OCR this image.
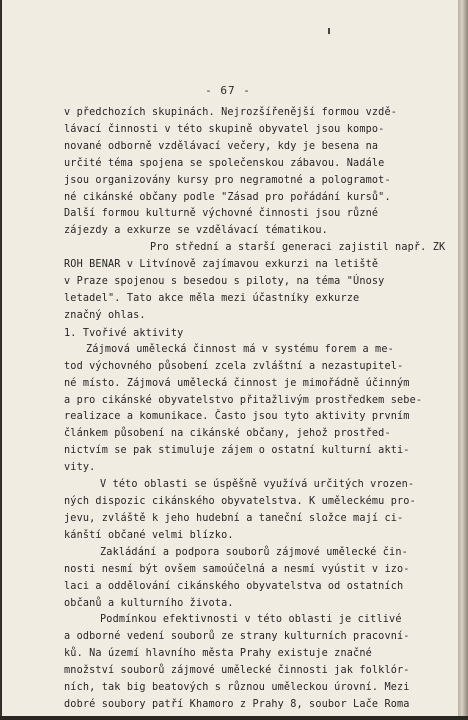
- 67 -
v předchozích skupinách. Nejrozšířenější formou vzdě-
lávací činnosti v této skupině obyvatel jsou kompo-
nované odborně vzdělávací večery, kdy je besena na
určité téma spojena se společenskou zábavou. Nadále
jsou organizovány kursy pro negramotné a pologramot-
né cikánské občany podle "Zásad pro pořádání kursů".
Další formou kulturně výchovné činnosti jsou různé
zájezdy a exkurze se vzdělávací tématikou.
Pro střední a starší generaci zajistil např. ZK
ROH BENAR v Litvínově zajímavou exkurzi na letiště
v Praze spojenou s besedou s piloty, na téma "Únosy
letadel". Tato akce měla mezi účastníky exkurze
značný ohlas.
1. Tvořivé aktivity
Zájmová umělecká činnost má v systému forem a me-
tod výchovného působení zcela zvláštní a nezastupitel-
né místo. Zájmová umělecká činnost je mimořádně účinným
a pro cikánské obyvatelstvo přitažlivým prostředkem sebe-
realizace a komunikace. Často jsou tyto aktivity prvním
článkem působení na cikánské občany, jehož prostřed-
nictvím se pak stimuluje zájem o ostatní kulturní akti-
vity.
V této oblasti se úspěšně využívá určitých vrozen-
ných dispozic cikánského obyvatelstva. K uměleckému pro-
jevu, zvláště k jeho hudební a taneční složce mají ci-
kánští občané velmi blízko.
Zakládání a podpora souborů zájmové umělecké čin-
nosti nesmí být ovšem samoúčelná a nesmí vyústit v izo-
laci a oddělování cikánského obyvatelstva od ostatních
občanů a kulturního života.
Podmínkou efektivnosti v této oblasti je citlivé
a odborné vedení souborů ze strany kulturních pracovní-
ků. Na území hlavního města Prahy existuje značné
množství souborů zájmové umělecké činnosti jak folklór-
ních, tak big beatových s různou uměleckou úrovní. Mezi
dobré soubory patří Khamoro z Prahy 8, soubor Lače Roma
